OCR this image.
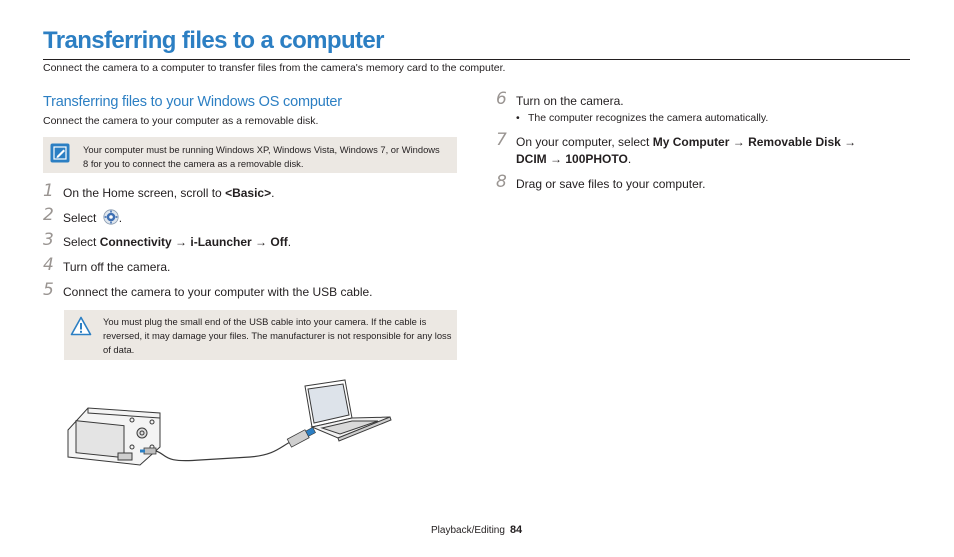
Transferring files to a computer
Connect the camera to a computer to transfer files from the camera's memory card to the computer.
Transferring files to your Windows OS computer
Connect the camera to your computer as a removable disk.
Your computer must be running Windows XP, Windows Vista, Windows 7, or Windows 8 for you to connect the camera as a removable disk.
1 On the Home screen, scroll to <Basic>.
2 Select .
3 Select Connectivity → i-Launcher → Off.
4 Turn off the camera.
5 Connect the camera to your computer with the USB cable.
You must plug the small end of the USB cable into your camera. If the cable is reversed, it may damage your files. The manufacturer is not responsible for any loss of data.
6 Turn on the camera.
• The computer recognizes the camera automatically.
7 On your computer, select My Computer → Removable Disk →
DCIM → 100PHOTO.
8 Drag or save files to your computer.
Playback/Editing 84
